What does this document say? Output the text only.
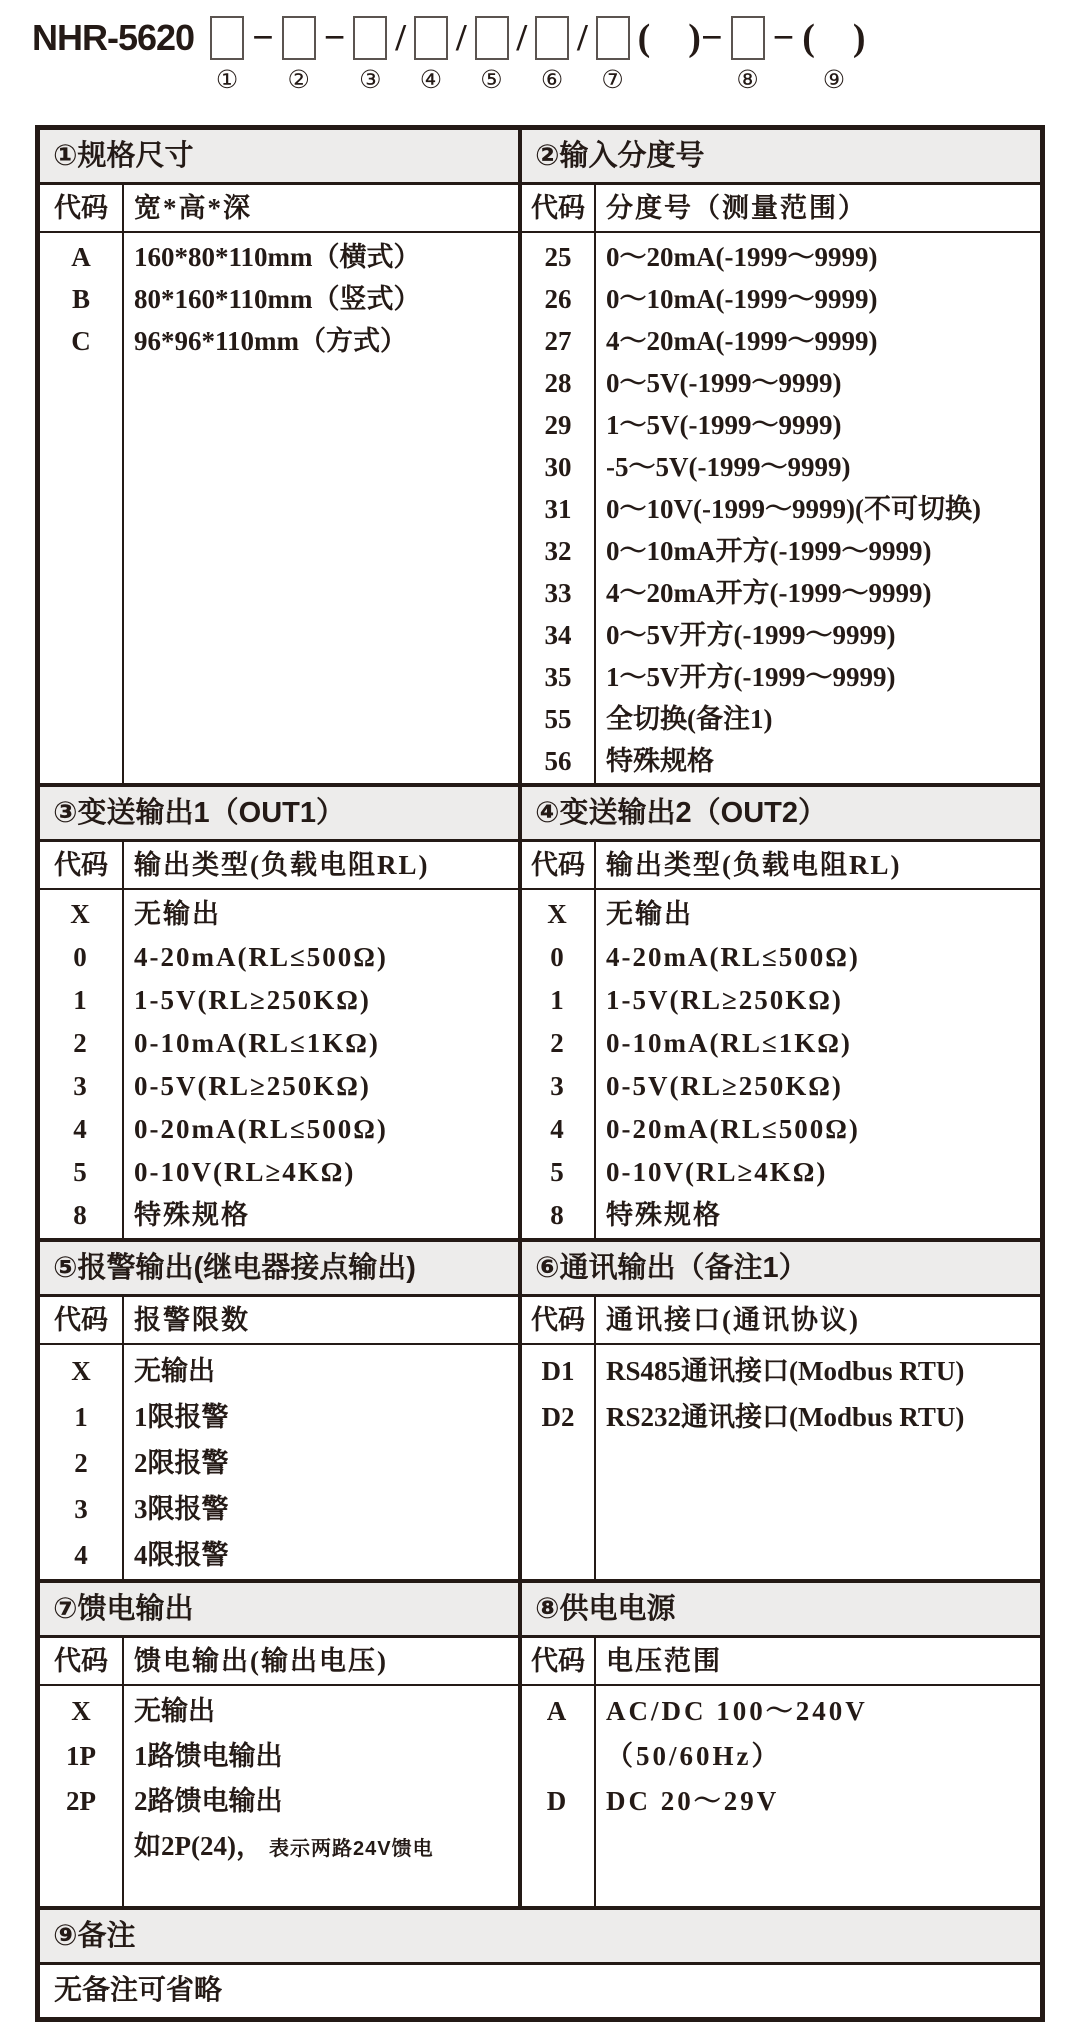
NHR-5620
①
−
②
−
③
/
④
/
⑤
/
⑥
/
⑦
(    )−
⑧
− (    )
⑨
①规格尺寸
代码 宽*高*深
A
B
C
160*80*110mm（横式）
80*160*110mm（竖式）
96*96*110mm（方式）
②输入分度号
代码 分度号（测量范围）
25
26
27
28
29
30
31
32
33
34
35
55
56
0～20mA(-1999～9999)
0～10mA(-1999～9999)
4～20mA(-1999～9999)
0～5V(-1999～9999)
1～5V(-1999～9999)
-5～5V(-1999～9999)
0～10V(-1999～9999)(不可切换)
0～10mA开方(-1999～9999)
4～20mA开方(-1999～9999)
0～5V开方(-1999～9999)
1～5V开方(-1999～9999)
全切换(备注1)
特殊规格
③变送输出1（OUT1）
代码 输出类型(负载电阻RL)
X
0
1
2
3
4
5
8
无输出
4-20mA(RL≤500Ω)
1-5V(RL≥250KΩ)
0-10mA(RL≤1KΩ)
0-5V(RL≥250KΩ)
0-20mA(RL≤500Ω)
0-10V(RL≥4KΩ)
特殊规格
④变送输出2（OUT2）
代码 输出类型(负载电阻RL)
X
0
1
2
3
4
5
8
无输出
4-20mA(RL≤500Ω)
1-5V(RL≥250KΩ)
0-10mA(RL≤1KΩ)
0-5V(RL≥250KΩ)
0-20mA(RL≤500Ω)
0-10V(RL≥4KΩ)
特殊规格
⑤报警输出(继电器接点输出)
代码 报警限数
X
1
2
3
4
无输出
1限报警
2限报警
3限报警
4限报警
⑥通讯输出（备注1）
代码 通讯接口(通讯协议)
D1
D2
RS485通讯接口(Modbus RTU)
RS232通讯接口(Modbus RTU)
⑦馈电输出
代码 馈电输出(输出电压)
X
1P
2P
无输出
1路馈电输出
2路馈电输出
如2P(24)， 表示两路24V馈电
⑧供电电源
代码 电压范围
A
D
AC/DC 100～240V
（50/60Hz）
DC 20～29V
⑨备注
无备注可省略
